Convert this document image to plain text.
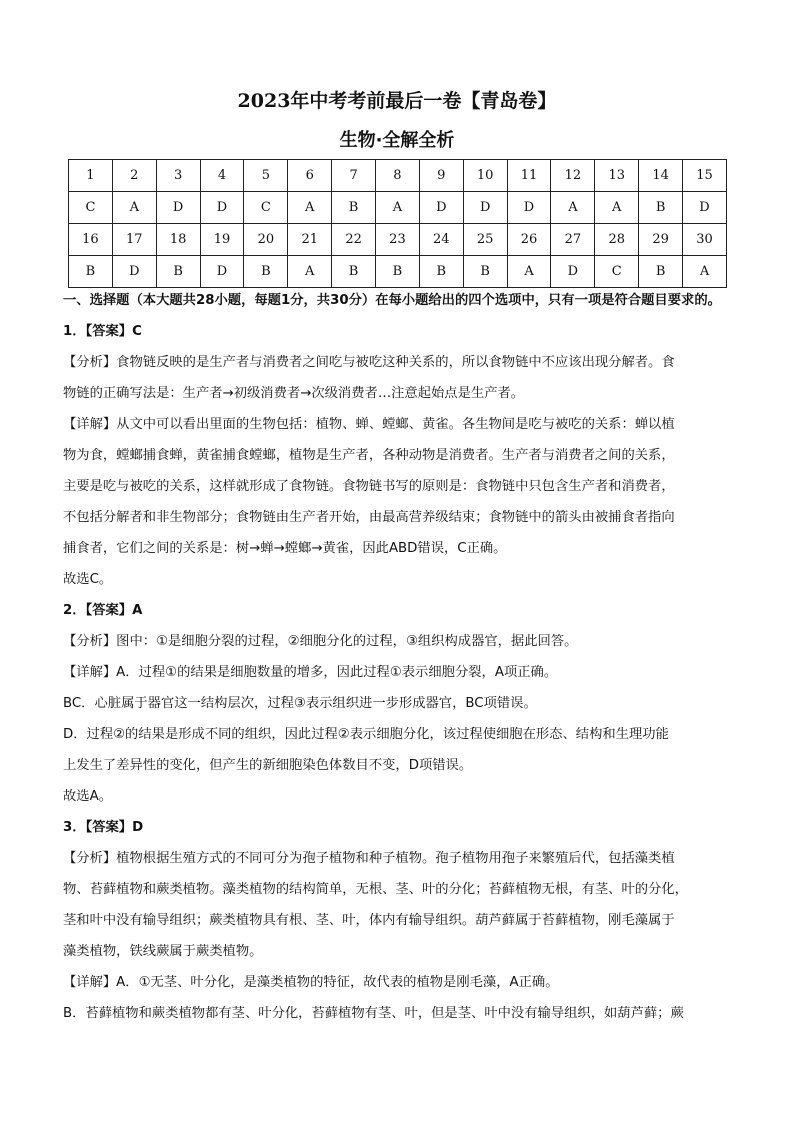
2023年中考考前最后一卷【青岛卷】
生物·全解全析
1	2	3	4	5	6	7	8	9	10	11	12	13	14	15
C	A	D	D	C	A	B	A	D	D	D	A	A	B	D
16	17	18	19	20	21	22	23	24	25	26	27	28	29	30
B	D	B	D	B	A	B	B	B	B	A	D	C	B	A

一、选择题（本大题共28小题，每题1分，共30分）在每小题给出的四个选项中，只有一项是符合题目要求的。

1．【答案】C

【分析】食物链反映的是生产者与消费者之间吃与被吃这种关系的，所以食物链中不应该出现分解者。食

物链的正确写法是：生产者→初级消费者→次级消费者…注意起始点是生产者。

【详解】从文中可以看出里面的生物包括：植物、蝉、螳螂、黄雀。各生物间是吃与被吃的关系：蝉以植

物为食，螳螂捕食蝉，黄雀捕食螳螂，植物是生产者，各种动物是消费者。生产者与消费者之间的关系，

主要是吃与被吃的关系，这样就形成了食物链。食物链书写的原则是：食物链中只包含生产者和消费者，

不包括分解者和非生物部分；食物链由生产者开始，由最高营养级结束；食物链中的箭头由被捕食者指向

捕食者，它们之间的关系是：树→蝉→螳螂→黄雀，因此ABD错误，C正确。

故选C。

2．【答案】A

【分析】图中：①是细胞分裂的过程，②细胞分化的过程，③组织构成器官，据此回答。

【详解】A．过程①的结果是细胞数量的增多，因此过程①表示细胞分裂，A项正确。

BC．心脏属于器官这一结构层次，过程③表示组织进一步形成器官，BC项错误。

D．过程②的结果是形成不同的组织，因此过程②表示细胞分化，该过程使细胞在形态、结构和生理功能

上发生了差异性的变化，但产生的新细胞染色体数目不变，D项错误。

故选A。

3．【答案】D

【分析】植物根据生殖方式的不同可分为孢子植物和种子植物。孢子植物用孢子来繁殖后代，包括藻类植

物、苔藓植物和蕨类植物。藻类植物的结构简单，无根、茎、叶的分化；苔藓植物无根，有茎、叶的分化，

茎和叶中没有输导组织；蕨类植物具有根、茎、叶，体内有输导组织。葫芦藓属于苔藓植物，刚毛藻属于

藻类植物，铁线蕨属于蕨类植物。

【详解】A．①无茎、叶分化，是藻类植物的特征，故代表的植物是刚毛藻，A正确。

B．苔藓植物和蕨类植物都有茎、叶分化，苔藓植物有茎、叶，但是茎、叶中没有输导组织，如葫芦藓；蕨
